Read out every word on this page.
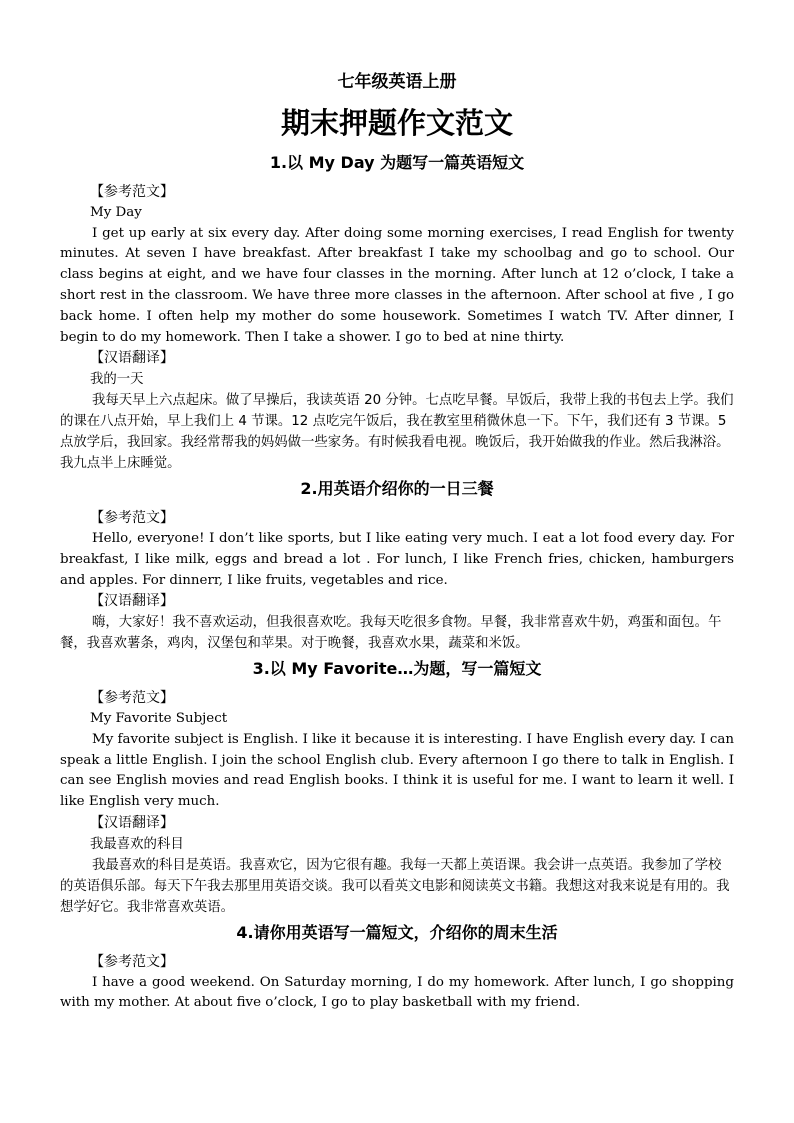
七年级英语上册
期末押题作文范文
1.以 My Day 为题写一篇英语短文
【参考范文】
My Day
I get up early at six every day. After doing some morning exercises, I read English for twenty minutes. At seven I have breakfast. After breakfast I take my schoolbag and go to school. Our class begins at eight, and we have four classes in the morning. After lunch at 12 o’clock, I take a short rest in the classroom. We have three more classes in the afternoon. After school at five , I go back home. I often help my mother do some housework. Sometimes I watch TV. After dinner, I begin to do my homework. Then I take a shower. I go to bed at nine thirty.
【汉语翻译】
我的一天
我每天早上六点起床。做了早操后，我读英语 20 分钟。七点吃早餐。早饭后，我带上我的书包去上学。我们的课在八点开始，早上我们上 4 节课。12 点吃完午饭后，我在教室里稍微休息一下。下午，我们还有 3 节课。5 点放学后，我回家。我经常帮我的妈妈做一些家务。有时候我看电视。晚饭后，我开始做我的作业。然后我淋浴。我九点半上床睡觉。
2.用英语介绍你的一日三餐
【参考范文】
Hello, everyone! I don’t like sports, but I like eating very much. I eat a lot food every day. For breakfast, I like milk, eggs and bread a lot . For lunch, I like French fries, chicken, hamburgers and apples. For dinnerr, I like fruits, vegetables and rice.
【汉语翻译】
嗨，大家好！我不喜欢运动，但我很喜欢吃。我每天吃很多食物。早餐，我非常喜欢牛奶，鸡蛋和面包。午餐，我喜欢薯条，鸡肉，汉堡包和苹果。对于晚餐，我喜欢水果，蔬菜和米饭。
3.以 My Favorite…为题，写一篇短文
【参考范文】
My Favorite Subject
My favorite subject is English. I like it because it is interesting. I have English every day. I can speak a little English. I join the school English club. Every afternoon I go there to talk in English. I can see English movies and read English books. I think it is useful for me. I want to learn it well. I like English very much.
【汉语翻译】
我最喜欢的科目
我最喜欢的科目是英语。我喜欢它，因为它很有趣。我每一天都上英语课。我会讲一点英语。我参加了学校的英语俱乐部。每天下午我去那里用英语交谈。我可以看英文电影和阅读英文书籍。我想这对我来说是有用的。我想学好它。我非常喜欢英语。
4.请你用英语写一篇短文，介绍你的周末生活
【参考范文】
I have a good weekend. On Saturday morning, I do my homework. After lunch, I go shopping with my mother. At about five o’clock, I go to play basketball with my friend.
